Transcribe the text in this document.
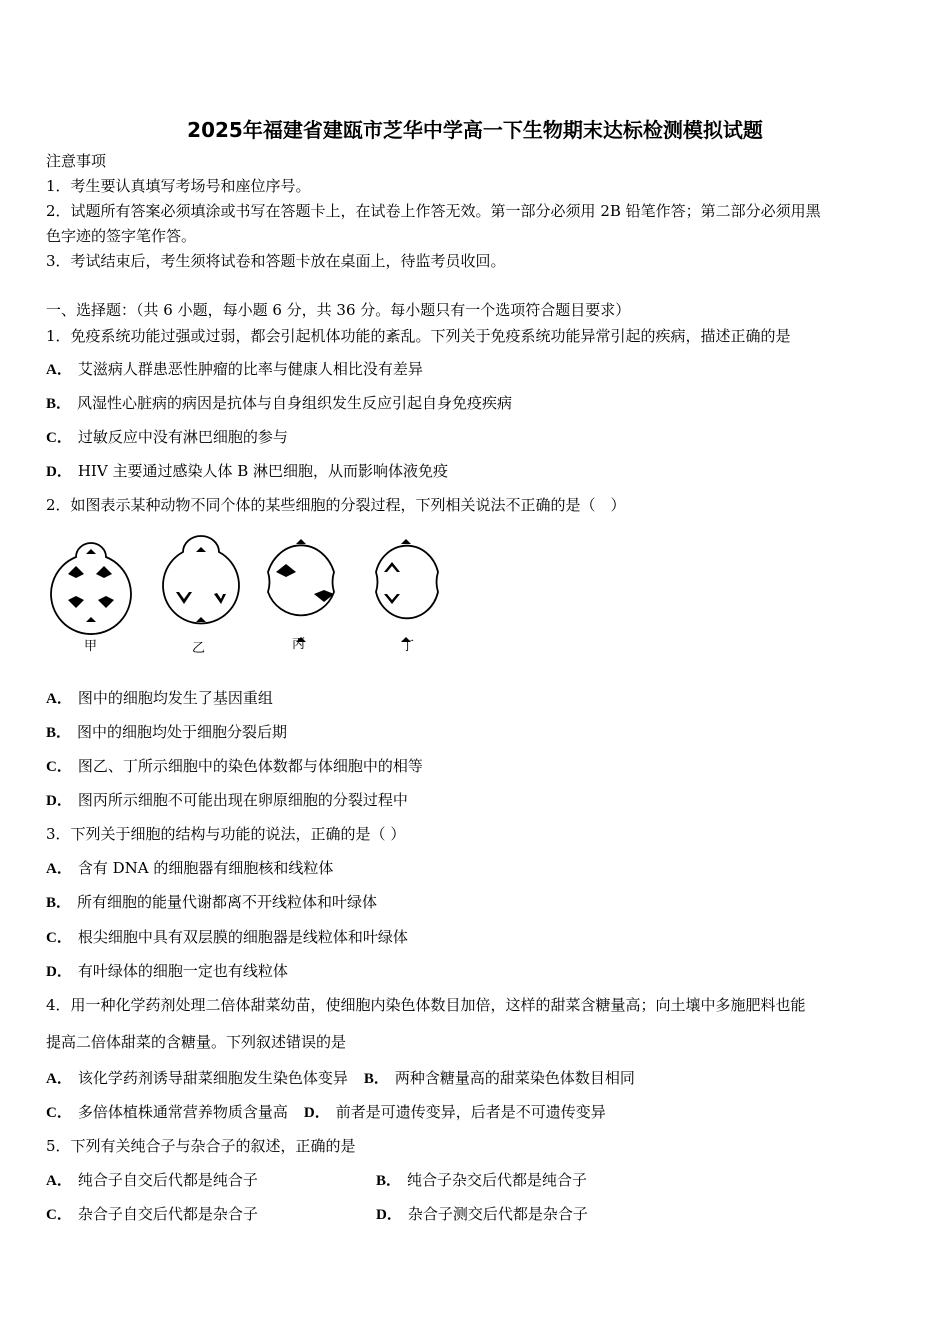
2025年福建省建瓯市芝华中学高一下生物期末达标检测模拟试题
注意事项
1．考生要认真填写考场号和座位序号。
2．试题所有答案必须填涂或书写在答题卡上，在试卷上作答无效。第一部分必须用 2B 铅笔作答；第二部分必须用黑
色字迹的签字笔作答。
3．考试结束后，考生须将试卷和答题卡放在桌面上，待监考员收回。
一、选择题：（共 6 小题，每小题 6 分，共 36 分。每小题只有一个选项符合题目要求）
1．免疫系统功能过强或过弱，都会引起机体功能的紊乱。下列关于免疫系统功能异常引起的疾病，描述正确的是
A． 艾滋病人群患恶性肿瘤的比率与健康人相比没有差异
B． 风湿性心脏病的病因是抗体与自身组织发生反应引起自身免疫疾病
C． 过敏反应中没有淋巴细胞的参与
D． HIV 主要通过感染人体 B 淋巴细胞，从而影响体液免疫
2．如图表示某种动物不同个体的某些细胞的分裂过程，下列相关说法不正确的是（　）
甲	乙	丙	丁
A． 图中的细胞均发生了基因重组
B． 图中的细胞均处于细胞分裂后期
C． 图乙、丁所示细胞中的染色体数都与体细胞中的相等
D． 图丙所示细胞不可能出现在卵原细胞的分裂过程中
3．下列关于细胞的结构与功能的说法，正确的是（ ）
A． 含有 DNA 的细胞器有细胞核和线粒体
B． 所有细胞的能量代谢都离不开线粒体和叶绿体
C． 根尖细胞中具有双层膜的细胞器是线粒体和叶绿体
D． 有叶绿体的细胞一定也有线粒体
4．用一种化学药剂处理二倍体甜菜幼苗，使细胞内染色体数目加倍，这样的甜菜含糖量高；向土壤中多施肥料也能
提高二倍体甜菜的含糖量。下列叙述错误的是
A． 该化学药剂诱导甜菜细胞发生染色体变异 B． 两种含糖量高的甜菜染色体数目相同
C． 多倍体植株通常营养物质含量高 D． 前者是可遗传变异，后者是不可遗传变异
5．下列有关纯合子与杂合子的叙述，正确的是
A． 纯合子自交后代都是纯合子	B． 纯合子杂交后代都是纯合子
C． 杂合子自交后代都是杂合子	D． 杂合子测交后代都是杂合子
